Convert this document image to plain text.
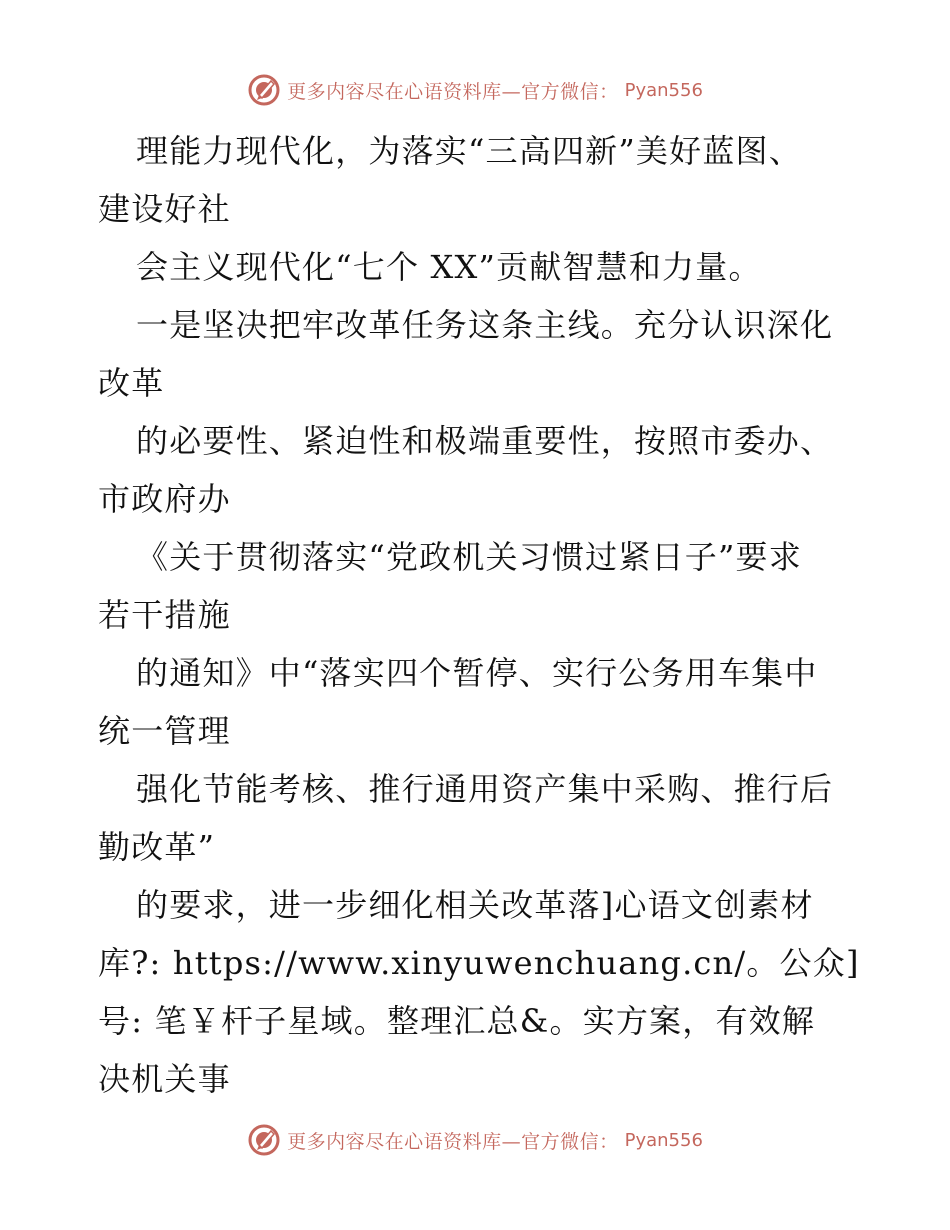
更多内容尽在心语资料库—官方微信： Pyan556
理能力现代化，为落实“三高四新”美好蓝图、
建设好社
会主义现代化“七个 XX”贡献智慧和力量。
一是坚决把牢改革任务这条主线。充分认识深化
改革
的必要性、紧迫性和极端重要性，按照市委办、
市政府办
《关于贯彻落实“党政机关习惯过紧日子”要求
若干措施
的通知》中“落实四个暂停、实行公务用车集中
统一管理
强化节能考核、推行通用资产集中采购、推行后
勤改革”
的要求，进一步细化相关改革落]心语文创素材
库?: https://www.xinyuwenchuang.cn/。公众]
号: 笔￥杆子星域。整理汇总&。实方案，有效解
决机关事
更多内容尽在心语资料库—官方微信： Pyan556
